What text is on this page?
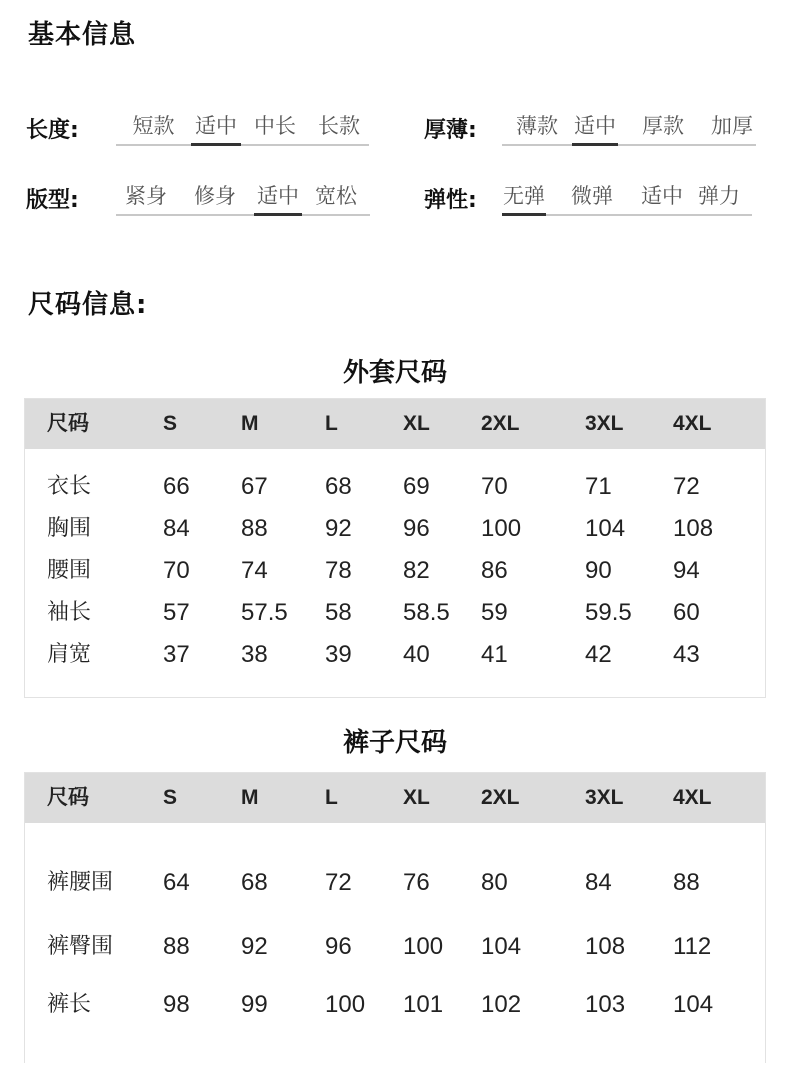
基本信息
长度:	短款 适中 中长	长款	厚薄:	薄款 适中	厚款	加厚
版型:	紧身	修身	适中 宽松	弹性:	无弹	微弹	适中 弹力
尺码信息:
外套尺码
尺码	S	M	L	XL 2XL	3XL 4XL
衣长	66 67 68 69 70	71	72
胸围	84 88 92 96 100	104 108
腰围	70 74 78 82 86	90	94
袖长	57 57.5 58 58.5 59	59.5 60
肩宽	37 38 39 40 41	42	43
裤子尺码
尺码	S	M	L	XL 2XL	3XL 4XL
裤腰围 64 68 72 76 80	84	88
裤臀围 88 92 96 100 104	108 112
裤长	98 99 100 101 102	103 104
